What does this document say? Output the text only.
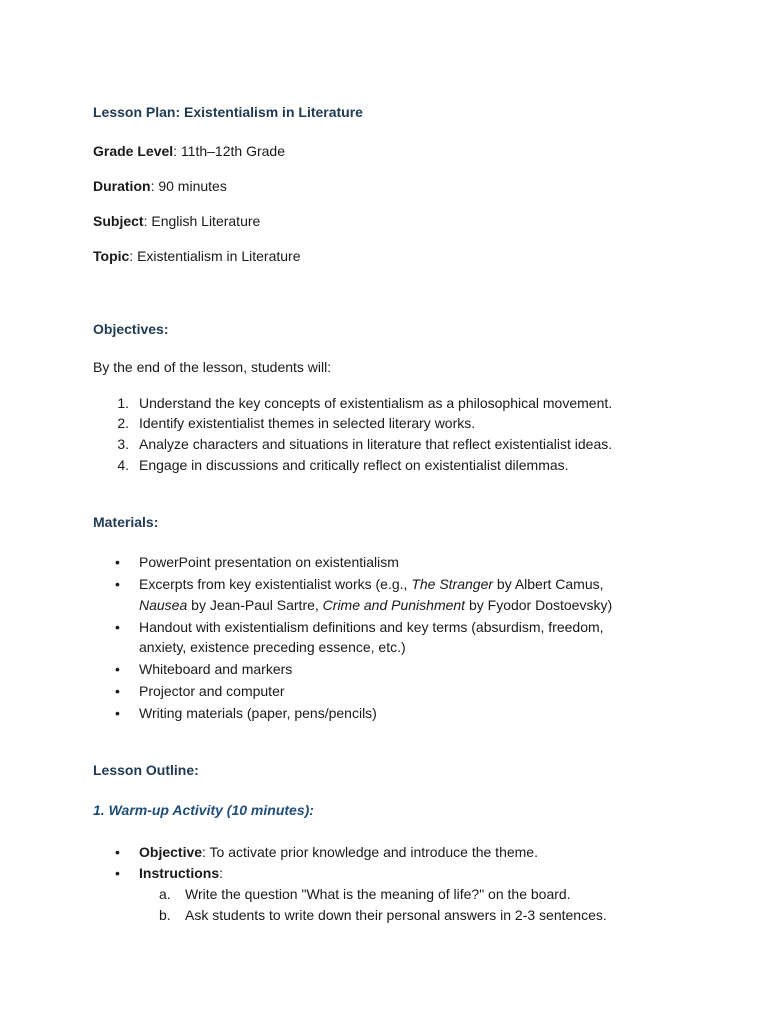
Lesson Plan: Existentialism in Literature
Grade Level: 11th–12th Grade
Duration: 90 minutes
Subject: English Literature
Topic: Existentialism in Literature
Objectives:
By the end of the lesson, students will:
1. Understand the key concepts of existentialism as a philosophical movement.
2. Identify existentialist themes in selected literary works.
3. Analyze characters and situations in literature that reflect existentialist ideas.
4. Engage in discussions and critically reflect on existentialist dilemmas.
Materials:
• PowerPoint presentation on existentialism
• Excerpts from key existentialist works (e.g., The Stranger by Albert Camus,
Nausea by Jean-Paul Sartre, Crime and Punishment by Fyodor Dostoevsky)
• Handout with existentialism definitions and key terms (absurdism, freedom,
anxiety, existence preceding essence, etc.)
• Whiteboard and markers
• Projector and computer
• Writing materials (paper, pens/pencils)
Lesson Outline:
1. Warm-up Activity (10 minutes):
• Objective: To activate prior knowledge and introduce the theme.
• Instructions:
a. Write the question "What is the meaning of life?" on the board.
b. Ask students to write down their personal answers in 2-3 sentences.
